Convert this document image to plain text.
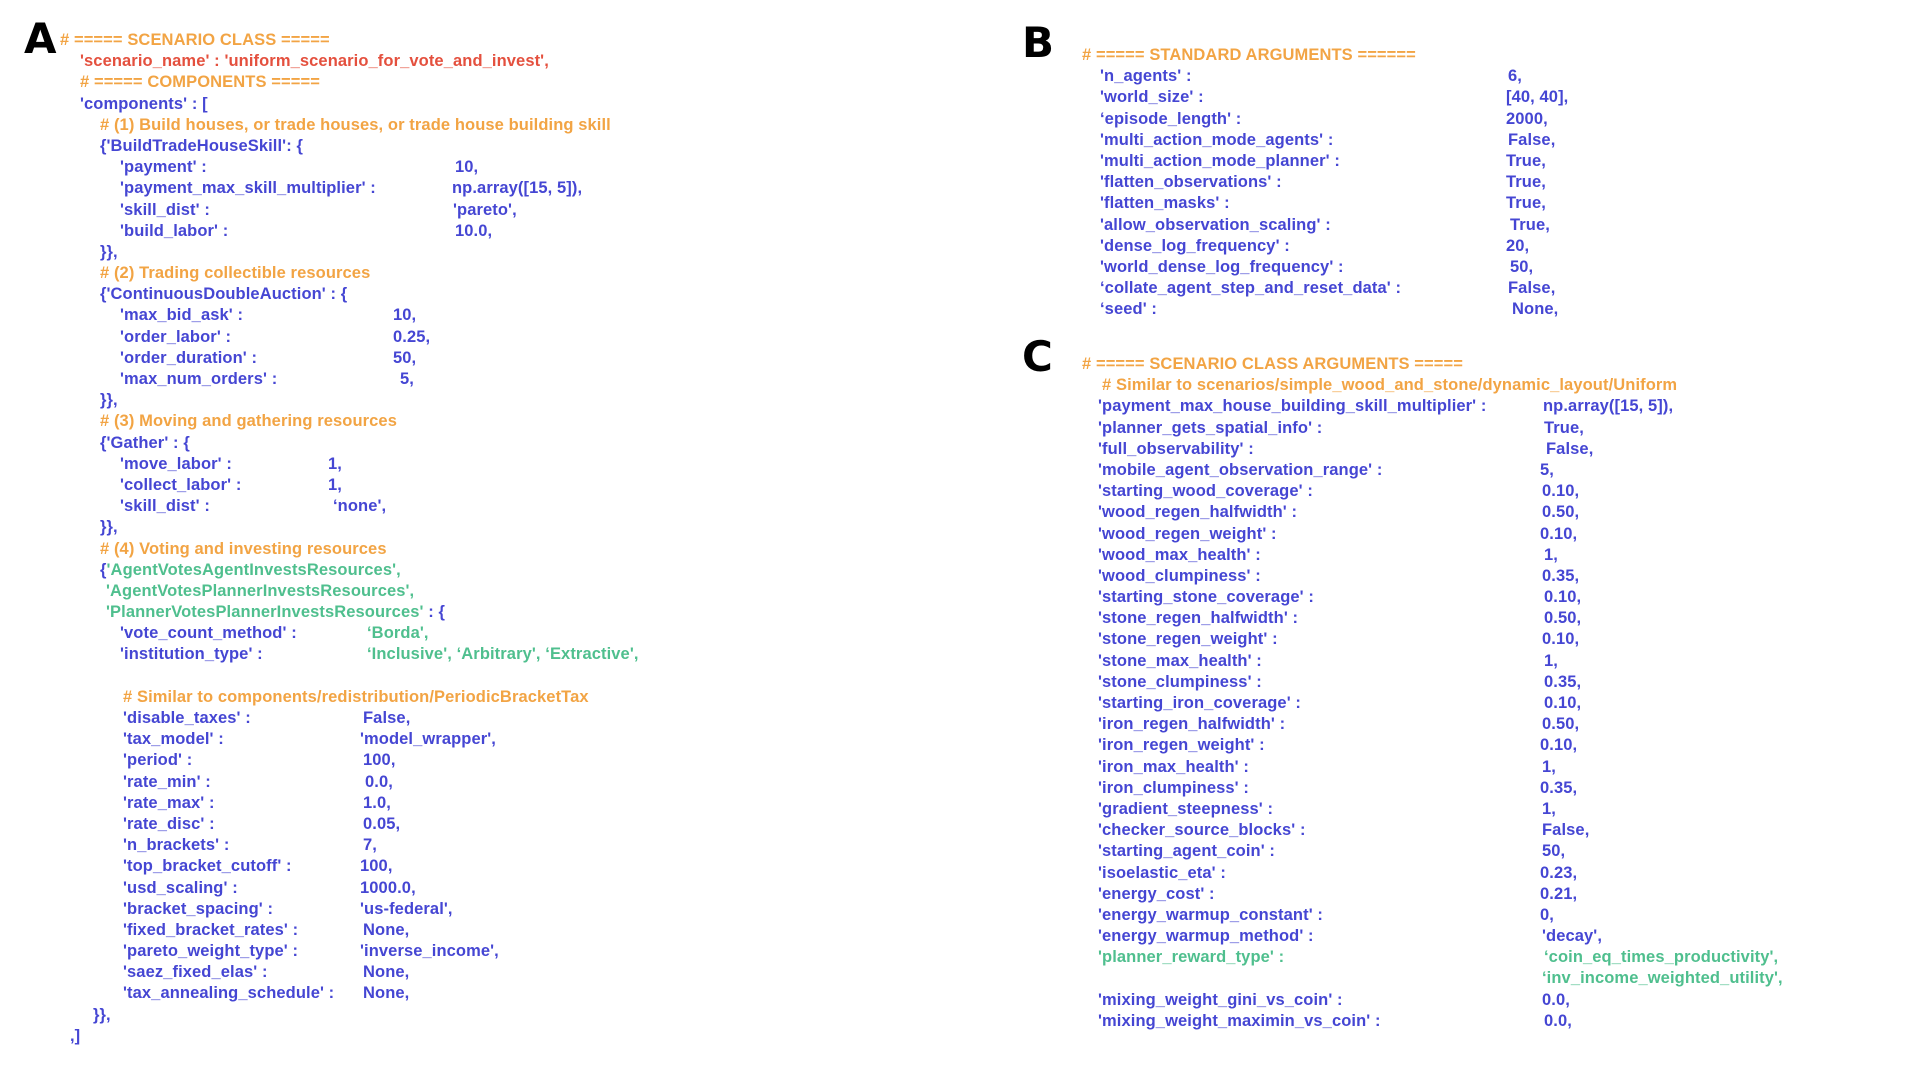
A # ===== SCENARIO CLASS =====
'scenario_name' : 'uniform_scenario_for_vote_and_invest',
# ===== COMPONENTS =====
'components' : [
# (1) Build houses, or trade houses, or trade house building skill
{'BuildTradeHouseSkill': {
'payment' :	10,
'payment_max_skill_multiplier' :	np.array([15, 5]),
'skill_dist' :	'pareto',
'build_labor' :	10.0,
}},
# (2) Trading collectible resources
{'ContinuousDoubleAuction' : {
'max_bid_ask' :	10,
'order_labor' :	0.25,
'order_duration' :	50,
'max_num_orders' :	5,
}},
# (3) Moving and gathering resources
{'Gather' : {
'move_labor' :	1,
'collect_labor' :	1,
'skill_dist' :	‘none',
}},
# (4) Voting and investing resources
{'AgentVotesAgentInvestsResources',
'AgentVotesPlannerInvestsResources',
'PlannerVotesPlannerInvestsResources' : {
'vote_count_method' :	‘Borda',
'institution_type' :	‘Inclusive', ‘Arbitrary', ‘Extractive',
# Similar to components/redistribution/PeriodicBracketTax
'disable_taxes' :	False,
'tax_model' :	'model_wrapper',
'period' :	100,
'rate_min' :	0.0,
'rate_max' :	1.0,
'rate_disc' :	0.05,
'n_brackets' :	7,
'top_bracket_cutoff' :	100,
'usd_scaling' :	1000.0,
'bracket_spacing' :	'us-federal',
'fixed_bracket_rates' :	None,
'pareto_weight_type' :	'inverse_income',
'saez_fixed_elas' :	None,
'tax_annealing_schedule' : None,
}},
,]
B # ===== STANDARD ARGUMENTS ======
'n_agents' :	6,
'world_size' :	[40, 40],
‘episode_length' :	2000,
'multi_action_mode_agents' :	False,
'multi_action_mode_planner' :	True,
'flatten_observations' :	True,
'flatten_masks' :	True,
'allow_observation_scaling' :	True,
'dense_log_frequency' :	20,
'world_dense_log_frequency' :	50,
‘collate_agent_step_and_reset_data' :	False,
‘seed' :	None,
C # ===== SCENARIO CLASS ARGUMENTS =====
# Similar to scenarios/simple_wood_and_stone/dynamic_layout/Uniform
'payment_max_house_building_skill_multiplier' :	np.array([15, 5]),
'planner_gets_spatial_info' :	True,
'full_observability' :	False,
'mobile_agent_observation_range' :	5,
'starting_wood_coverage' :	0.10,
'wood_regen_halfwidth' :	0.50,
'wood_regen_weight' :	0.10,
'wood_max_health' :	1,
'wood_clumpiness' :	0.35,
'starting_stone_coverage' :	0.10,
'stone_regen_halfwidth' :	0.50,
'stone_regen_weight' :	0.10,
'stone_max_health' :	1,
'stone_clumpiness' :	0.35,
'starting_iron_coverage' :	0.10,
'iron_regen_halfwidth' :	0.50,
'iron_regen_weight' :	0.10,
'iron_max_health' :	1,
'iron_clumpiness' :	0.35,
'gradient_steepness' :	1,
'checker_source_blocks' :	False,
'starting_agent_coin' :	50,
'isoelastic_eta' :	0.23,
'energy_cost' :	0.21,
'energy_warmup_constant' :	0,
'energy_warmup_method' :	'decay',
'planner_reward_type' :	‘coin_eq_times_productivity',
‘inv_income_weighted_utility',
'mixing_weight_gini_vs_coin' :	0.0,
'mixing_weight_maximin_vs_coin' :	0.0,
